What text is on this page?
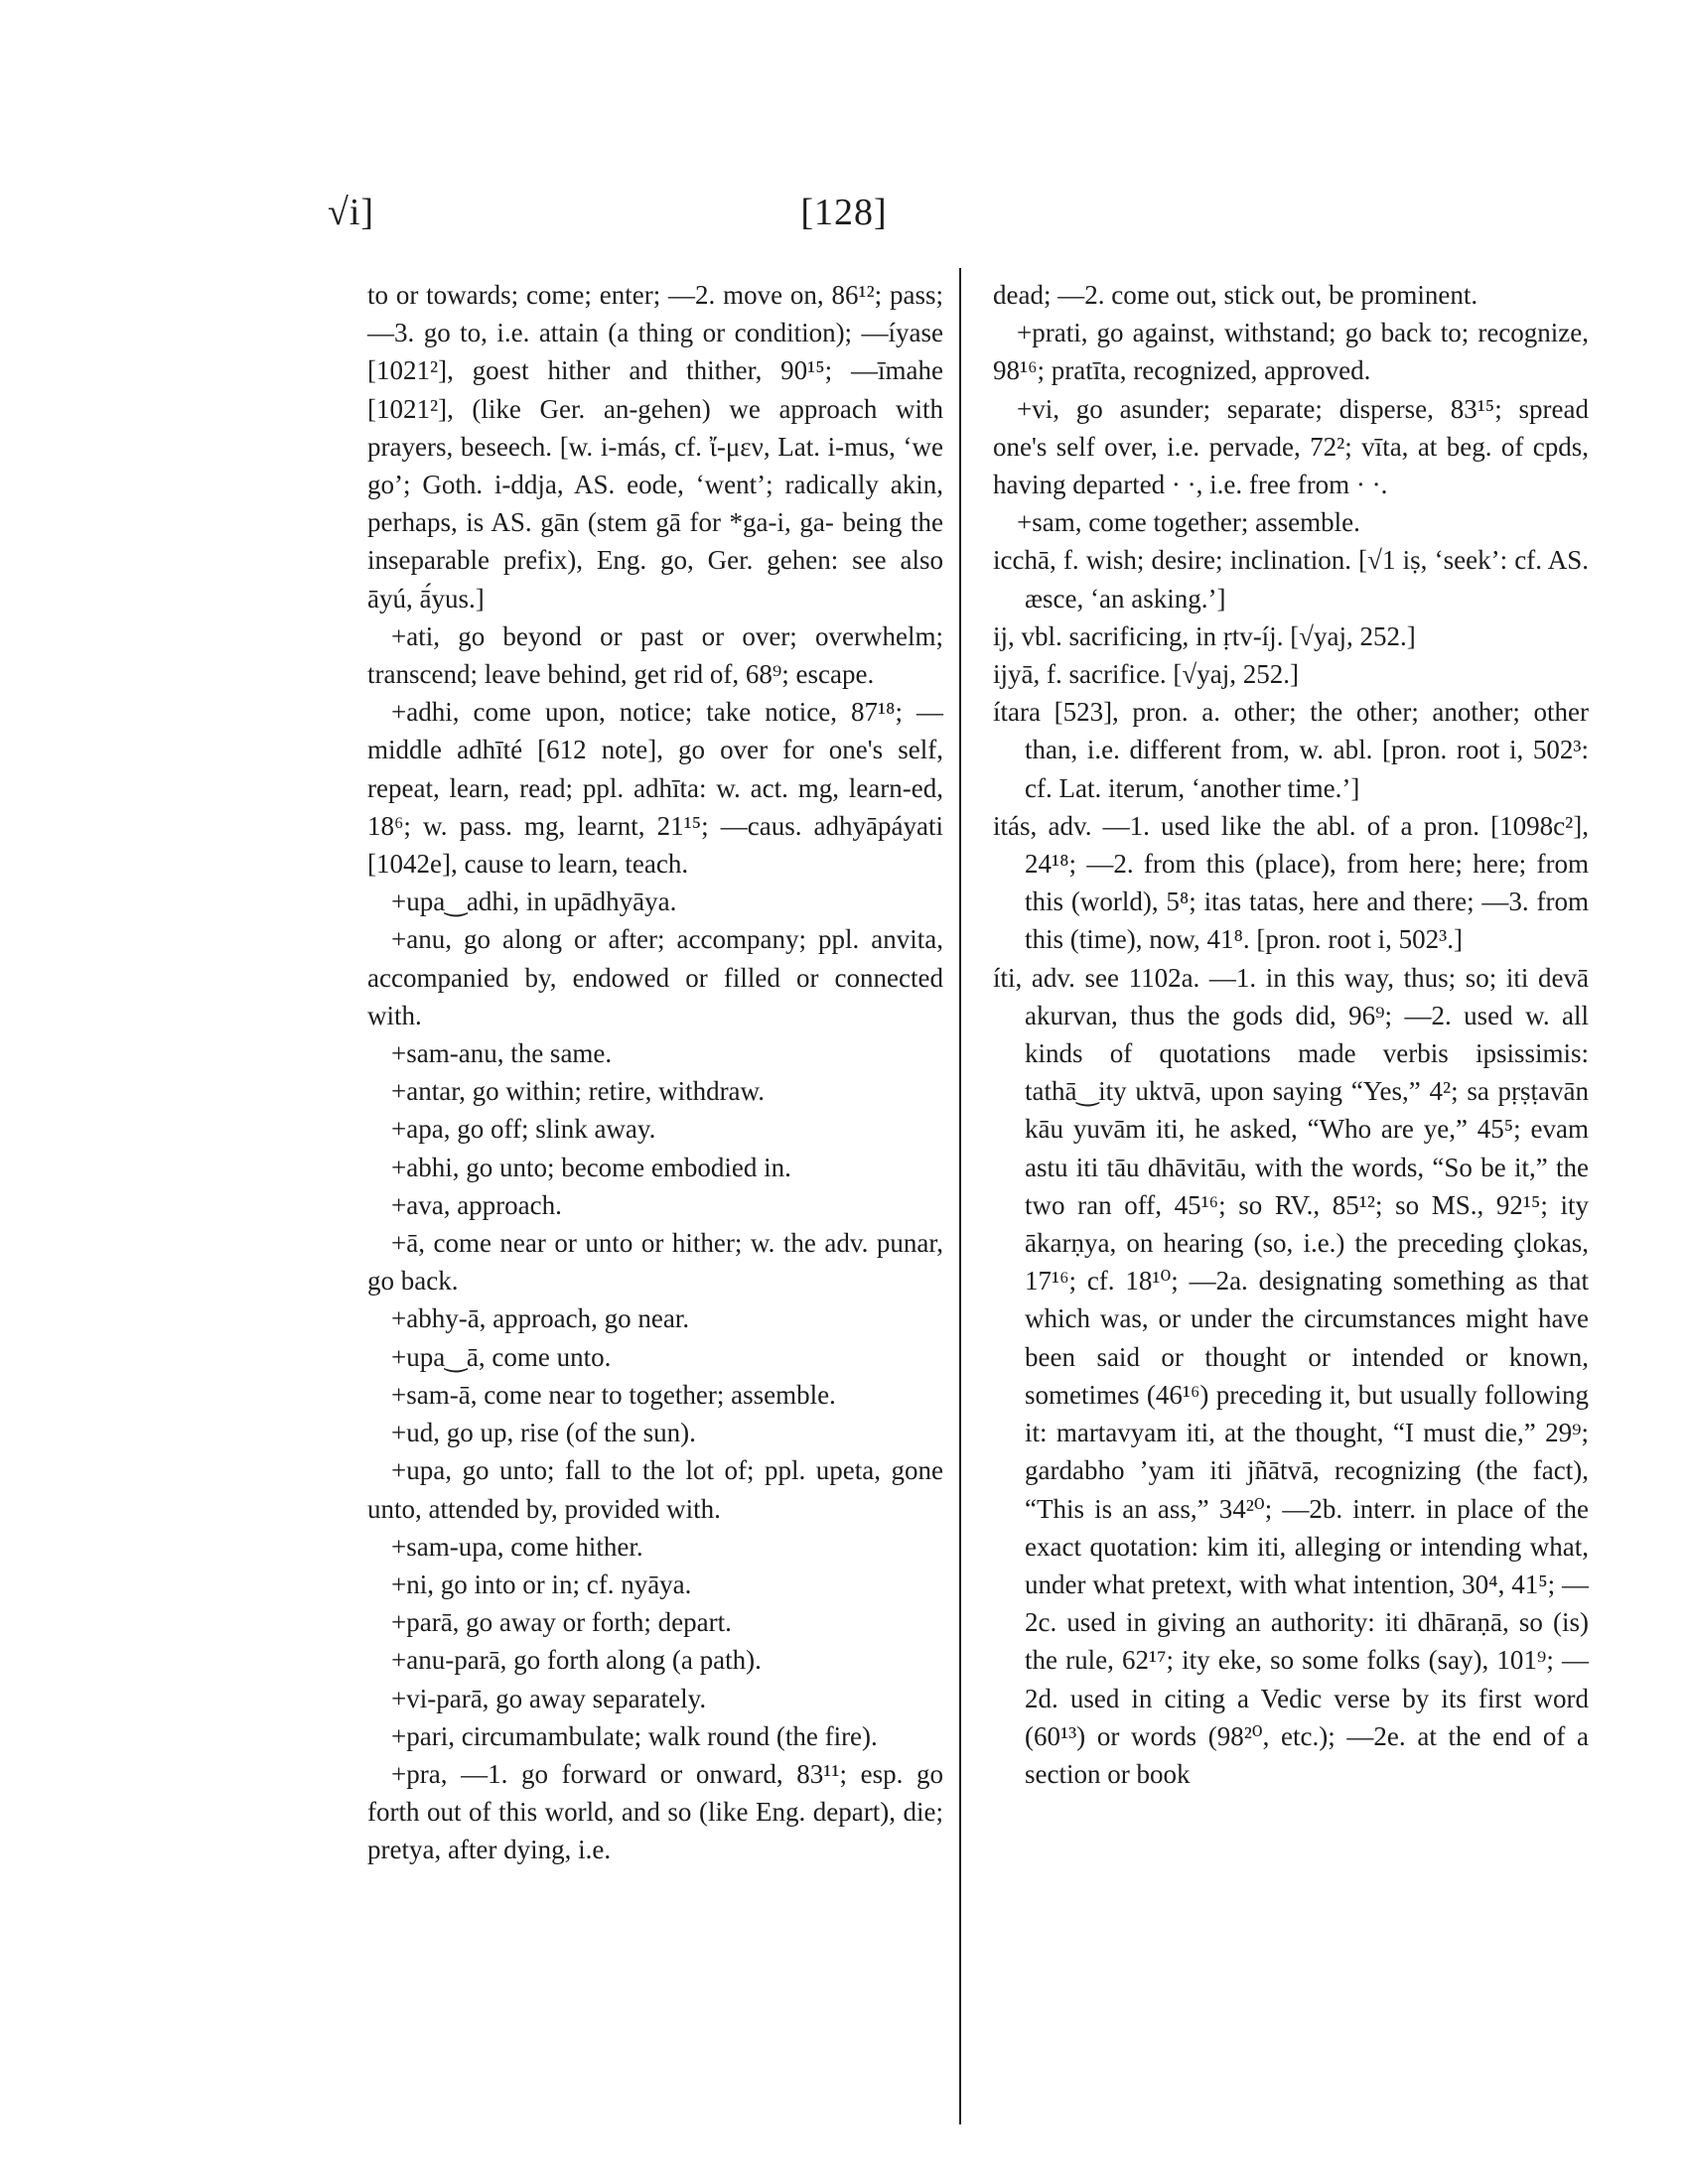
√i]	[128]

to or towards; come; enter; —2. move on, 86¹²; pass; —3. go to, i.e. attain (a thing or condition); —íyase [1021²], goest hither and thither, 90¹⁵; —īmahe [1021²], (like Ger. an-gehen) we approach with prayers, beseech. [w. i-más, cf. ἴ-μεν, Lat. i-mus, ‘we go’; Goth. i-ddja, AS. eode, ‘went’; radically akin, perhaps, is AS. gān (stem gā for *ga-i, ga- being the inseparable prefix), Eng. go, Ger. gehen: see also āyú, ā́yus.]

+ati, go beyond or past or over; overwhelm; transcend; leave behind, get rid of, 68⁹; escape.

+adhi, come upon, notice; take notice, 87¹⁸; —middle adhīté [612 note], go over for one's self, repeat, learn, read; ppl. adhīta: w. act. mg, learn-ed, 18⁶; w. pass. mg, learnt, 21¹⁵; —caus. adhyāpáyati [1042e], cause to learn, teach.

+upa‿adhi, in upādhyāya.

+anu, go along or after; accompany; ppl. anvita, accompanied by, endowed or filled or connected with.

+sam-anu, the same.

+antar, go within; retire, withdraw.

+apa, go off; slink away.

+abhi, go unto; become embodied in.

+ava, approach.

+ā, come near or unto or hither; w. the adv. punar, go back.

+abhy-ā, approach, go near.

+upa‿ā, come unto.

+sam-ā, come near to together; assemble.

+ud, go up, rise (of the sun).

+upa, go unto; fall to the lot of; ppl. upeta, gone unto, attended by, provided with.

+sam-upa, come hither.

+ni, go into or in; cf. nyāya.

+parā, go away or forth; depart.

+anu-parā, go forth along (a path).

+vi-parā, go away separately.

+pari, circumambulate; walk round (the fire).

+pra, —1. go forward or onward, 83¹¹; esp. go forth out of this world, and so (like Eng. depart), die; pretya, after dying, i.e.

dead; —2. come out, stick out, be prominent.

+prati, go against, withstand; go back to; recognize, 98¹⁶; pratīta, recognized, approved.

+vi, go asunder; separate; disperse, 83¹⁵; spread one's self over, i.e. pervade, 72²; vīta, at beg. of cpds, having departed · ·, i.e. free from · ·.

+sam, come together; assemble.

icchā, f. wish; desire; inclination. [√1 iṣ, ‘seek’: cf. AS. æsce, ‘an asking.’]

ij, vbl. sacrificing, in ṛtv-íj. [√yaj, 252.]

ijyā, f. sacrifice. [√yaj, 252.]

ítara [523], pron. a. other; the other; another; other than, i.e. different from, w. abl. [pron. root i, 502³: cf. Lat. iterum, ‘another time.’]

itás, adv. —1. used like the abl. of a pron. [1098c²], 24¹⁸; —2. from this (place), from here; here; from this (world), 5⁸; itas tatas, here and there; —3. from this (time), now, 41⁸. [pron. root i, 502³.]

íti, adv. see 1102a. —1. in this way, thus; so; iti devā akurvan, thus the gods did, 96⁹; —2. used w. all kinds of quotations made verbis ipsissimis: tathā‿ity uktvā, upon saying “Yes,” 4²; sa pṛṣṭavān kāu yuvām iti, he asked, “Who are ye,” 45⁵; evam astu iti tāu dhāvitāu, with the words, “So be it,” the two ran off, 45¹⁶; so RV., 85¹²; so MS., 92¹⁵; ity ākarṇya, on hearing (so, i.e.) the preceding çlokas, 17¹⁶; cf. 18¹⁰; —2a. designating something as that which was, or under the circumstances might have been said or thought or intended or known, sometimes (46¹⁶) preceding it, but usually following it: martavyam iti, at the thought, “I must die,” 29⁹; gardabho ’yam iti jñātvā, recognizing (the fact), “This is an ass,” 34²⁰; —2b. interr. in place of the exact quotation: kim iti, alleging or intending what, under what pretext, with what intention, 30⁴, 41⁵; —2c. used in giving an authority: iti dhāraṇā, so (is) the rule, 62¹⁷; ity eke, so some folks (say), 101⁹; —2d. used in citing a Vedic verse by its first word (60¹³) or words (98²⁰, etc.); —2e. at the end of a section or book
